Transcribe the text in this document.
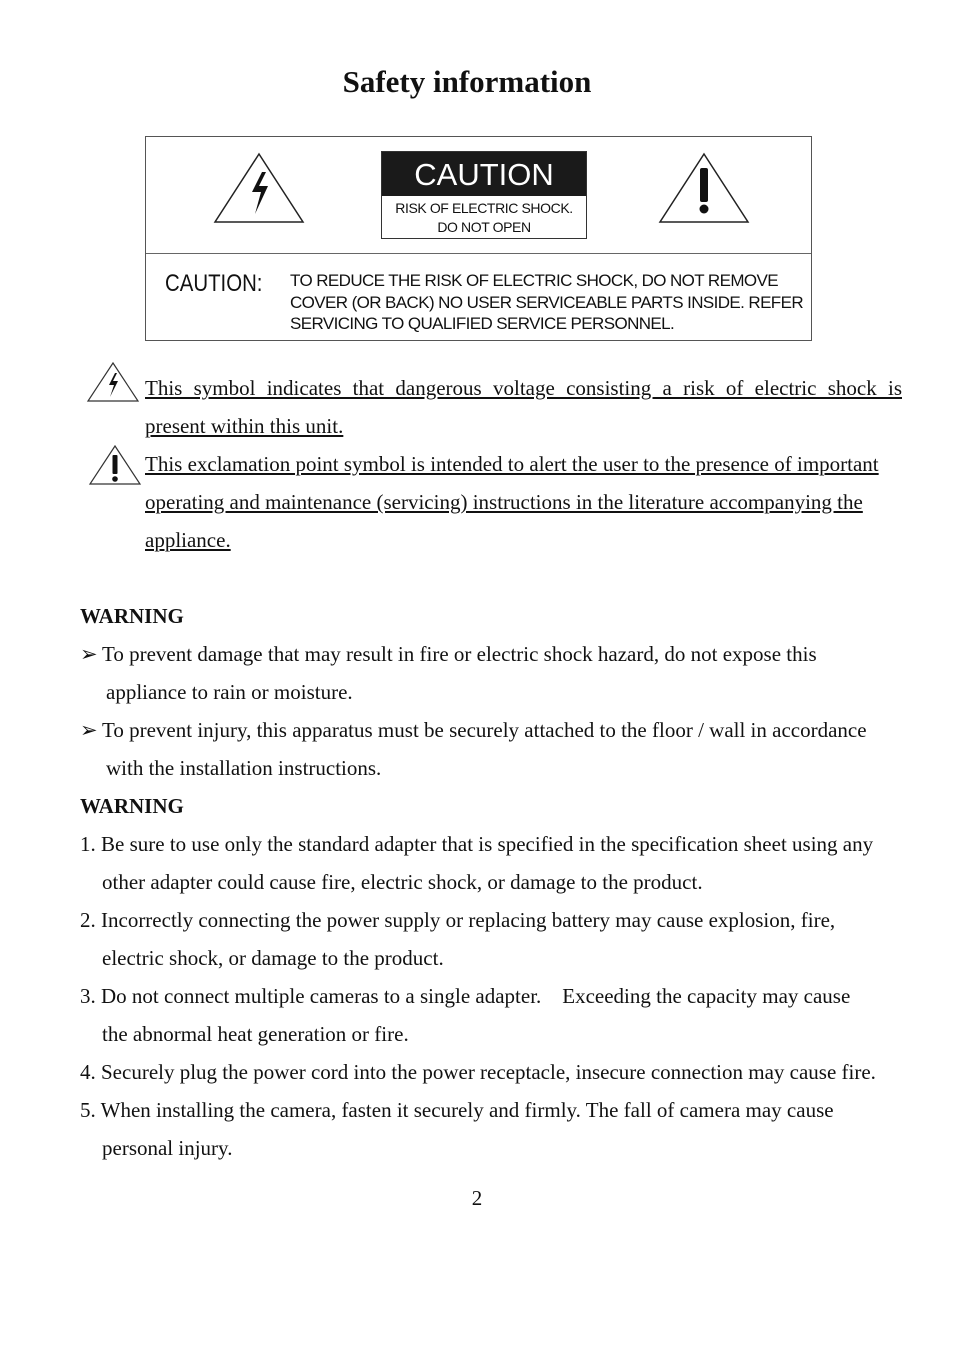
Safety information
CAUTION
RISK OF ELECTRIC SHOCK.
DO NOT OPEN
CAUTION: TO REDUCE THE RISK OF ELECTRIC SHOCK, DO NOT REMOVE
COVER (OR BACK) NO USER SERVICEABLE PARTS INSIDE. REFER
SERVICING TO QUALIFIED SERVICE PERSONNEL.
This symbol indicates that dangerous voltage consisting a risk of electric shock is
present within this unit.
This exclamation point symbol is intended to alert the user to the presence of important
operating and maintenance (servicing) instructions in the literature accompanying the
appliance.
WARNING
➢ To prevent damage that may result in fire or electric shock hazard, do not expose this
appliance to rain or moisture.
➢ To prevent injury, this apparatus must be securely attached to the floor / wall in accordance
with the installation instructions.
WARNING
1. Be sure to use only the standard adapter that is specified in the specification sheet using any
other adapter could cause fire, electric shock, or damage to the product.
2. Incorrectly connecting the power supply or replacing battery may cause explosion, fire,
electric shock, or damage to the product.
3. Do not connect multiple cameras to a single adapter.    Exceeding the capacity may cause
the abnormal heat generation or fire.
4. Securely plug the power cord into the power receptacle, insecure connection may cause fire.
5. When installing the camera, fasten it securely and firmly. The fall of camera may cause
personal injury.
2
